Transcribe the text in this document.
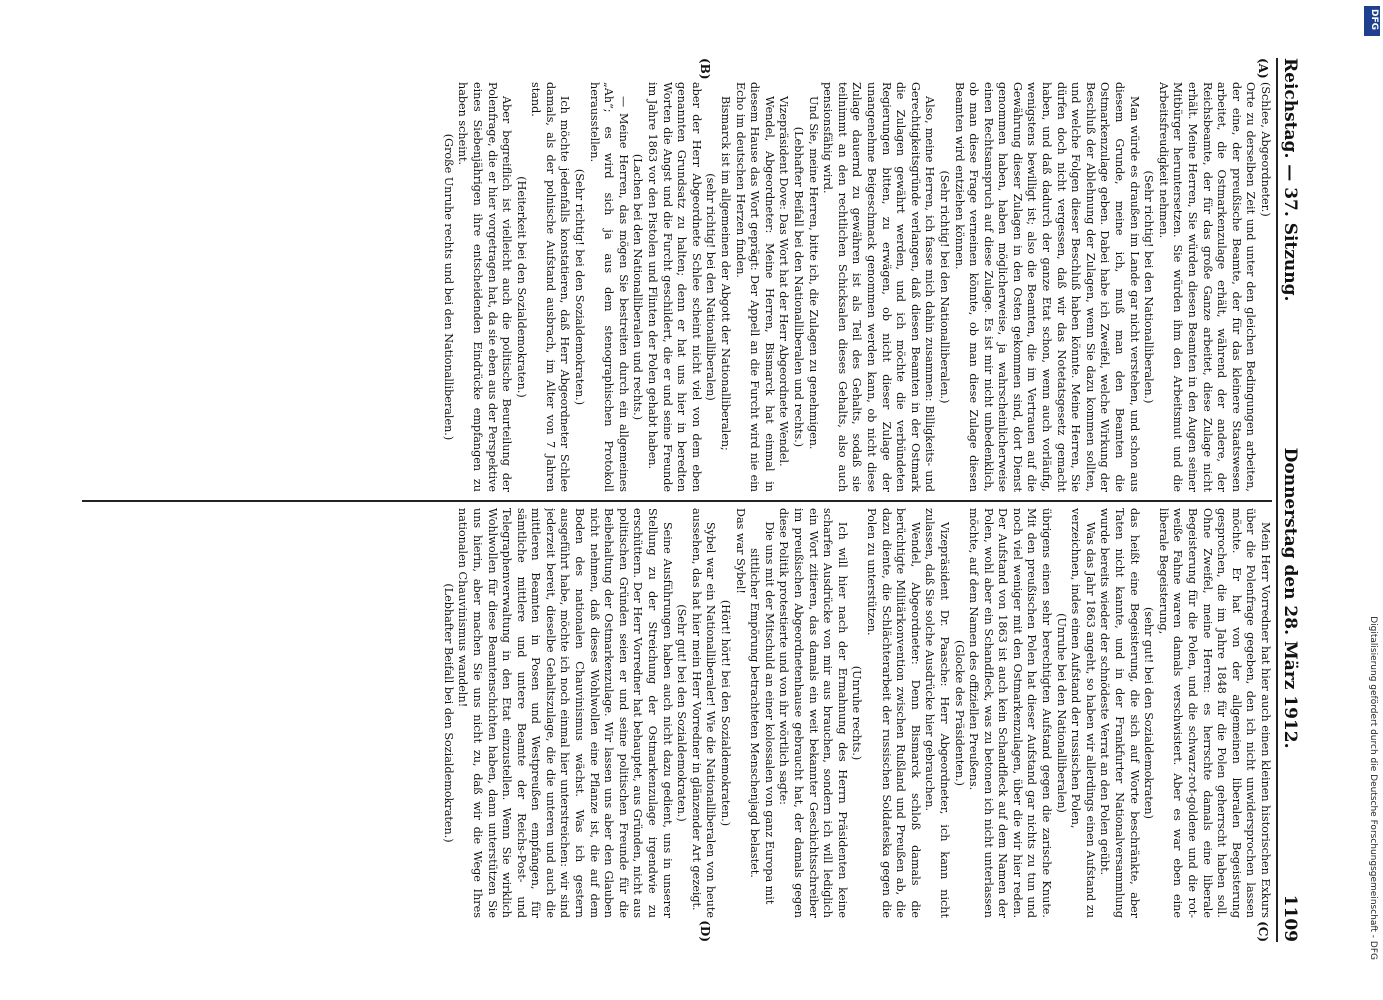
Reichstag. — 37. Sitzung.
Donnerstag den 28. März 1912.
1109
(A)
(B)
(C)
(D)

(Schlee, Abgeordneter.)

Orte zu derselben Zeit und unter den gleichen Bedingungen arbeiten, der eine, der preußische Beamte, der für das kleinere Staatswesen arbeitet, die Ostmarkenzulage erhält, während der andere, der Reichsbeamte, der für das große Ganze arbeitet, diese Zulage nicht erhält. Meine Herren, Sie würden diesen Beamten in den Augen seiner Mitbürger heruntersetzen. Sie würden ihm den Arbeitsmut und die Arbeitsfreudigkeit nehmen.

(Sehr richtig! bei den Nationalliberalen.)

Man würde es draußen im Lande gar nicht verstehen, und schon aus diesem Grunde, meine ich, muß man den Beamten die Ostmarkenzulage geben. Dabei habe ich Zweifel, welche Wirkung der Beschluß der Ablehnung der Zulagen, wenn Sie dazu kommen sollten, und welche Folgen dieser Beschluß haben könnte. Meine Herren, Sie dürfen doch nicht vergessen, daß wir das Notetatsgesetz gemacht haben, und daß dadurch der ganze Etat schon, wenn auch vorläufig, wenigstens bewilligt ist; also die Beamten, die im Vertrauen auf die Gewährung dieser Zulagen in den Osten gekommen sind, dort Dienst genommen haben, haben möglicherweise, ja wahrscheinlicherweise einen Rechtsanspruch auf diese Zulage. Es ist mir nicht unbedenklich, ob man diese Frage verneinen könnte, ob man diese Zulage diesen Beamten wird entziehen können.

(Sehr richtig! bei den Nationalliberalen.)

Also, meine Herren, ich fasse mich dahin zusammen: Billigkeits- und Gerechtigkeitsgründe verlangen, daß diesen Beamten in der Ostmark die Zulagen gewährt werden, und ich möchte die verbündeten Regierungen bitten, zu erwägen, ob nicht dieser Zulage der unangenehme Beigeschmack genommen werden kann, ob nicht diese Zulage dauernd zu gewähren ist als Teil des Gehalts, sodaß sie teilnimmt an den rechtlichen Schicksalen dieses Gehalts, also auch pensionsfähig wird.

Und Sie, meine Herren, bitte ich, die Zulagen zu genehmigen.

(Lebhafter Beifall bei den Nationalliberalen und rechts.)

Vizepräsident Dove: Das Wort hat der Herr Abgeordnete Wendel.

Wendel, Abgeordneter: Meine Herren, Bismarck hat einmal in diesem Hause das Wort geprägt: Der Appell an die Furcht wird nie ein Echo im deutschen Herzen finden.

Bismarck ist im allgemeinen der Abgott der Nationalliberalen;

(sehr richtig! bei den Nationalliberalen)

aber der Herr Abgeordnete Schlee scheint nicht viel von dem eben genannten Grundsatz zu halten; denn er hat uns hier in beredten Worten die Angst und die Furcht geschildert, die er und seine Freunde im Jahre 1863 vor den Pistolen und Flinten der Polen gehabt haben.

(Lachen bei den Nationalliberalen und rechts.)

— Meine Herren, das mögen Sie bestreiten durch ein allgemeines „Ah“; es wird sich ja aus dem stenographischen Protokoll herausstellen.

(Sehr richtig! bei den Sozialdemokraten.)

Ich möchte jedenfalls konstatieren, daß Herr Abgeordneter Schlee damals, als der polnische Aufstand ausbrach, im Alter von 7 Jahren stand.

(Heiterkeit bei den Sozialdemokraten.)

Aber begreiflich ist vielleicht auch die politische Beurteilung der Polenfrage, die er hier vorgetragen hat, da sie eben aus der Perspektive eines Siebenjährigen ihre entscheidenden Eindrücke empfangen zu haben scheint.

(Große Unruhe rechts und bei den Nationalliberalen.)

Mein Herr Vorredner hat hier auch einen kleinen historischen Exkurs über die Polenfrage gegeben, den ich nicht unwidersprochen lassen möchte. Er hat von der allgemeinen liberalen Begeisterung gesprochen, die im Jahre 1848 für die Polen geherrscht haben soll. Ohne Zweifel, meine Herren: es herrschte damals eine liberale Begeisterung für die Polen, und die schwarz-rot-goldene und die rot-weiße Fahne waren damals verschwistert. Aber es war eben eine liberale Begeisterung,

(sehr gut! bei den Sozialdemokraten)

das heißt eine Begeisterung, die sich auf Worte beschränkte, aber Taten nicht kannte, und in der Frankfurter Nationalversammlung wurde bereits wieder der schnödeste Verrat an den Polen geübt.

Was das Jahr 1863 angeht, so haben wir allerdings einen Aufstand zu verzeichnen, indes einen Aufstand der russischen Polen,

(Unruhe bei den Nationalliberalen)

übrigens einen sehr berechtigten Aufstand gegen die zarische Knute. Mit den preußischen Polen hat dieser Aufstand gar nichts zu tun und noch viel weniger mit den Ostmarkenzulagen, über die wir hier reden. Der Aufstand von 1863 ist auch kein Schandfleck auf dem Namen der Polen, wohl aber ein Schandfleck, was zu betonen ich nicht unterlassen möchte, auf dem Namen des offiziellen Preußens.

(Glocke des Präsidenten.)

Vizepräsident Dr. Paasche: Herr Abgeordneter, ich kann nicht zulassen, daß Sie solche Ausdrücke hier gebrauchen.

Wendel, Abgeordneter: Denn Bismarck schloß damals die berüchtigte Militärkonvention zwischen Rußland und Preußen ab, die dazu diente, die Schlächterarbeit der russischen Soldateska gegen die Polen zu unterstützen.

(Unruhe rechts.)

Ich will hier nach der Ermahnung des Herrn Präsidenten keine scharfen Ausdrücke von mir aus brauchen, sondern ich will lediglich ein Wort zitieren, das damals ein weit bekannter Geschichtsschreiber im preußischen Abgeordnetenhause gebraucht hat, der damals gegen diese Politik protestierte und von ihr wörtlich sagte:

Die uns mit der Mitschuld an einer kolossalen von ganz Europa mit sittlicher Empörung betrachteten Menschenjagd belastet.

Das war Sybel!

(Hört! hört! bei den Sozialdemokraten.)

Sybel war ein Nationalliberaler! Wie die Nationalliberalen von heute aussehen, das hat hier mein Herr Vorredner in glänzender Art gezeigt.

(Sehr gut! bei den Sozialdemokraten.)

Seine Ausführungen haben auch nicht dazu gedient, uns in unserer Stellung zu der Streichung der Ostmarkenzulage irgendwie zu erschüttern. Der Herr Vorredner hat behauptet, aus Gründen, nicht aus politischen Gründen seien er und seine politischen Freunde für die Beibehaltung der Ostmarkenzulage. Wir lassen uns aber den Glauben nicht nehmen, daß dieses Wohlwollen eine Pflanze ist, die auf dem Boden des nationalen Chauvinismus wächst. Was ich gestern ausgeführt habe, möchte ich noch einmal hier unterstreichen: wir sind jederzeit bereit, dieselbe Gehaltszulage, die die unteren und auch die mittleren Beamten in Posen und Westpreußen empfangen, für sämtliche mittlere und untere Beamte der Reichs-Post- und Telegraphenverwaltung in den Etat einzustellen. Wenn Sie wirklich Wohlwollen für diese Beamtenschichten haben, dann unterstützen Sie uns hierin, aber machen Sie uns nicht zu, daß wir die Wege Ihres nationalen Chauvinismus wandeln!

(Lebhafter Beifall bei den Sozialdemokraten.)	Digitalisierung gefördert durch die Deutsche Forschungsgemeinschaft - DFG
DFG
